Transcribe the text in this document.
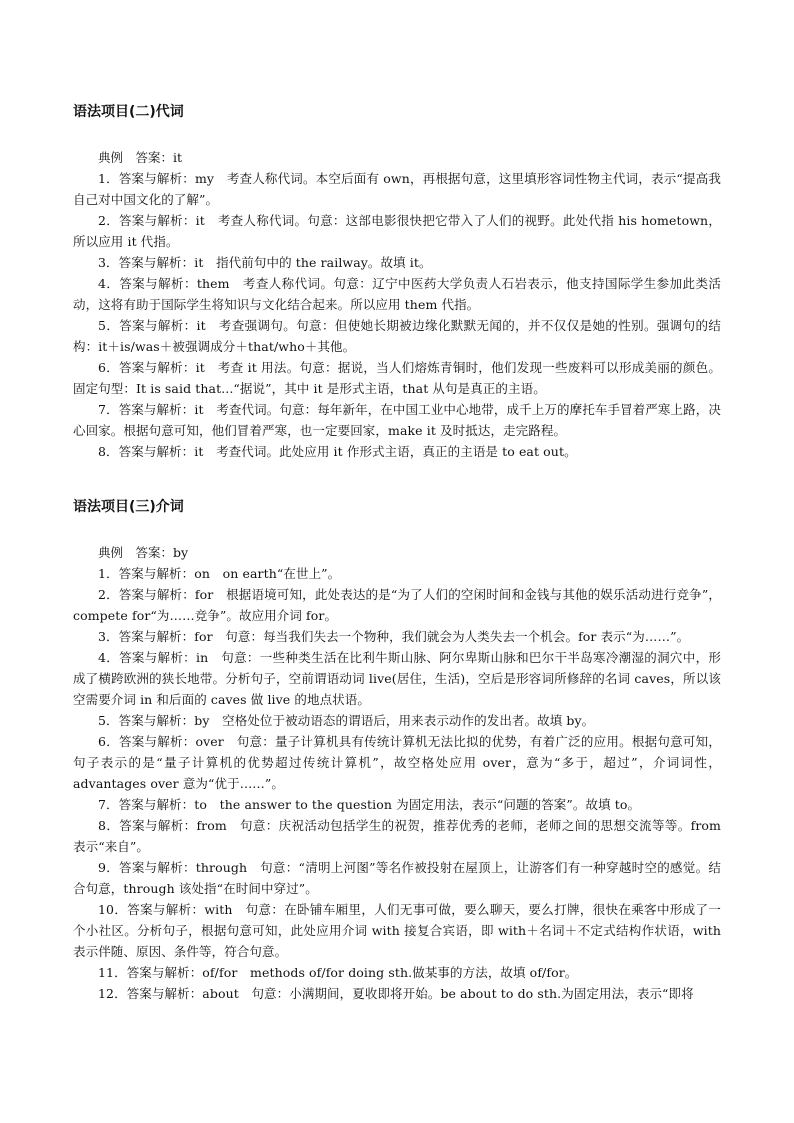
语法项目(二)代词

典例　答案：it

1．答案与解析：my　考查人称代词。本空后面有 own，再根据句意，这里填形容词性物主代词，表示“提高我自己对中国文化的了解”。

2．答案与解析：it　考查人称代词。句意：这部电影很快把它带入了人们的视野。此处代指 his hometown，所以应用 it 代指。

3．答案与解析：it　指代前句中的 the railway。故填 it。

4．答案与解析：them　考查人称代词。句意：辽宁中医药大学负责人石岩表示，他支持国际学生参加此类活动，这将有助于国际学生将知识与文化结合起来。所以应用 them 代指。

5．答案与解析：it　考查强调句。句意：但使她长期被边缘化默默无闻的，并不仅仅是她的性别。强调句的结构：it＋is/was＋被强调成分＋that/who＋其他。

6．答案与解析：it　考查 it 用法。句意：据说，当人们熔炼青铜时，他们发现一些废料可以形成美丽的颜色。固定句型：It is said that...“据说”，其中 it 是形式主语，that 从句是真正的主语。

7．答案与解析：it　考查代词。句意：每年新年，在中国工业中心地带，成千上万的摩托车手冒着严寒上路，决心回家。根据句意可知，他们冒着严寒，也一定要回家，make it 及时抵达，走完路程。

8．答案与解析：it　考查代词。此处应用 it 作形式主语，真正的主语是 to eat out。

语法项目(三)介词

典例　答案：by

1．答案与解析：on　on earth“在世上”。

2．答案与解析：for　根据语境可知，此处表达的是“为了人们的空闲时间和金钱与其他的娱乐活动进行竞争”，compete for“为……竞争”。故应用介词 for。

3．答案与解析：for　句意：每当我们失去一个物种，我们就会为人类失去一个机会。for 表示“为……”。

4．答案与解析：in　句意：一些种类生活在比利牛斯山脉、阿尔卑斯山脉和巴尔干半岛寒冷潮湿的洞穴中，形成了横跨欧洲的狭长地带。分析句子，空前谓语动词 live(居住，生活)，空后是形容词所修辞的名词 caves，所以该空需要介词 in 和后面的 caves 做 live 的地点状语。

5．答案与解析：by　空格处位于被动语态的谓语后，用来表示动作的发出者。故填 by。

6．答案与解析：over　句意：量子计算机具有传统计算机无法比拟的优势，有着广泛的应用。根据句意可知，句子表示的是“量子计算机的优势超过传统计算机”，故空格处应用 over，意为“多于，超过”，介词词性，advantages over 意为“优于……”。

7．答案与解析：to　the answer to the question 为固定用法，表示“问题的答案”。故填 to。

8．答案与解析：from　句意：庆祝活动包括学生的祝贺，推荐优秀的老师，老师之间的思想交流等等。from 表示“来自”。

9．答案与解析：through　句意：“清明上河图”等名作被投射在屋顶上，让游客们有一种穿越时空的感觉。结合句意，through 该处指“在时间中穿过”。

10．答案与解析：with　句意：在卧铺车厢里，人们无事可做，要么聊天，要么打牌，很快在乘客中形成了一个小社区。分析句子，根据句意可知，此处应用介词 with 接复合宾语，即 with＋名词＋不定式结构作状语，with 表示伴随、原因、条件等，符合句意。

11．答案与解析：of/for　methods of/for doing sth.做某事的方法，故填 of/for。

12．答案与解析：about　句意：小满期间，夏收即将开始。be about to do sth.为固定用法，表示“即将
